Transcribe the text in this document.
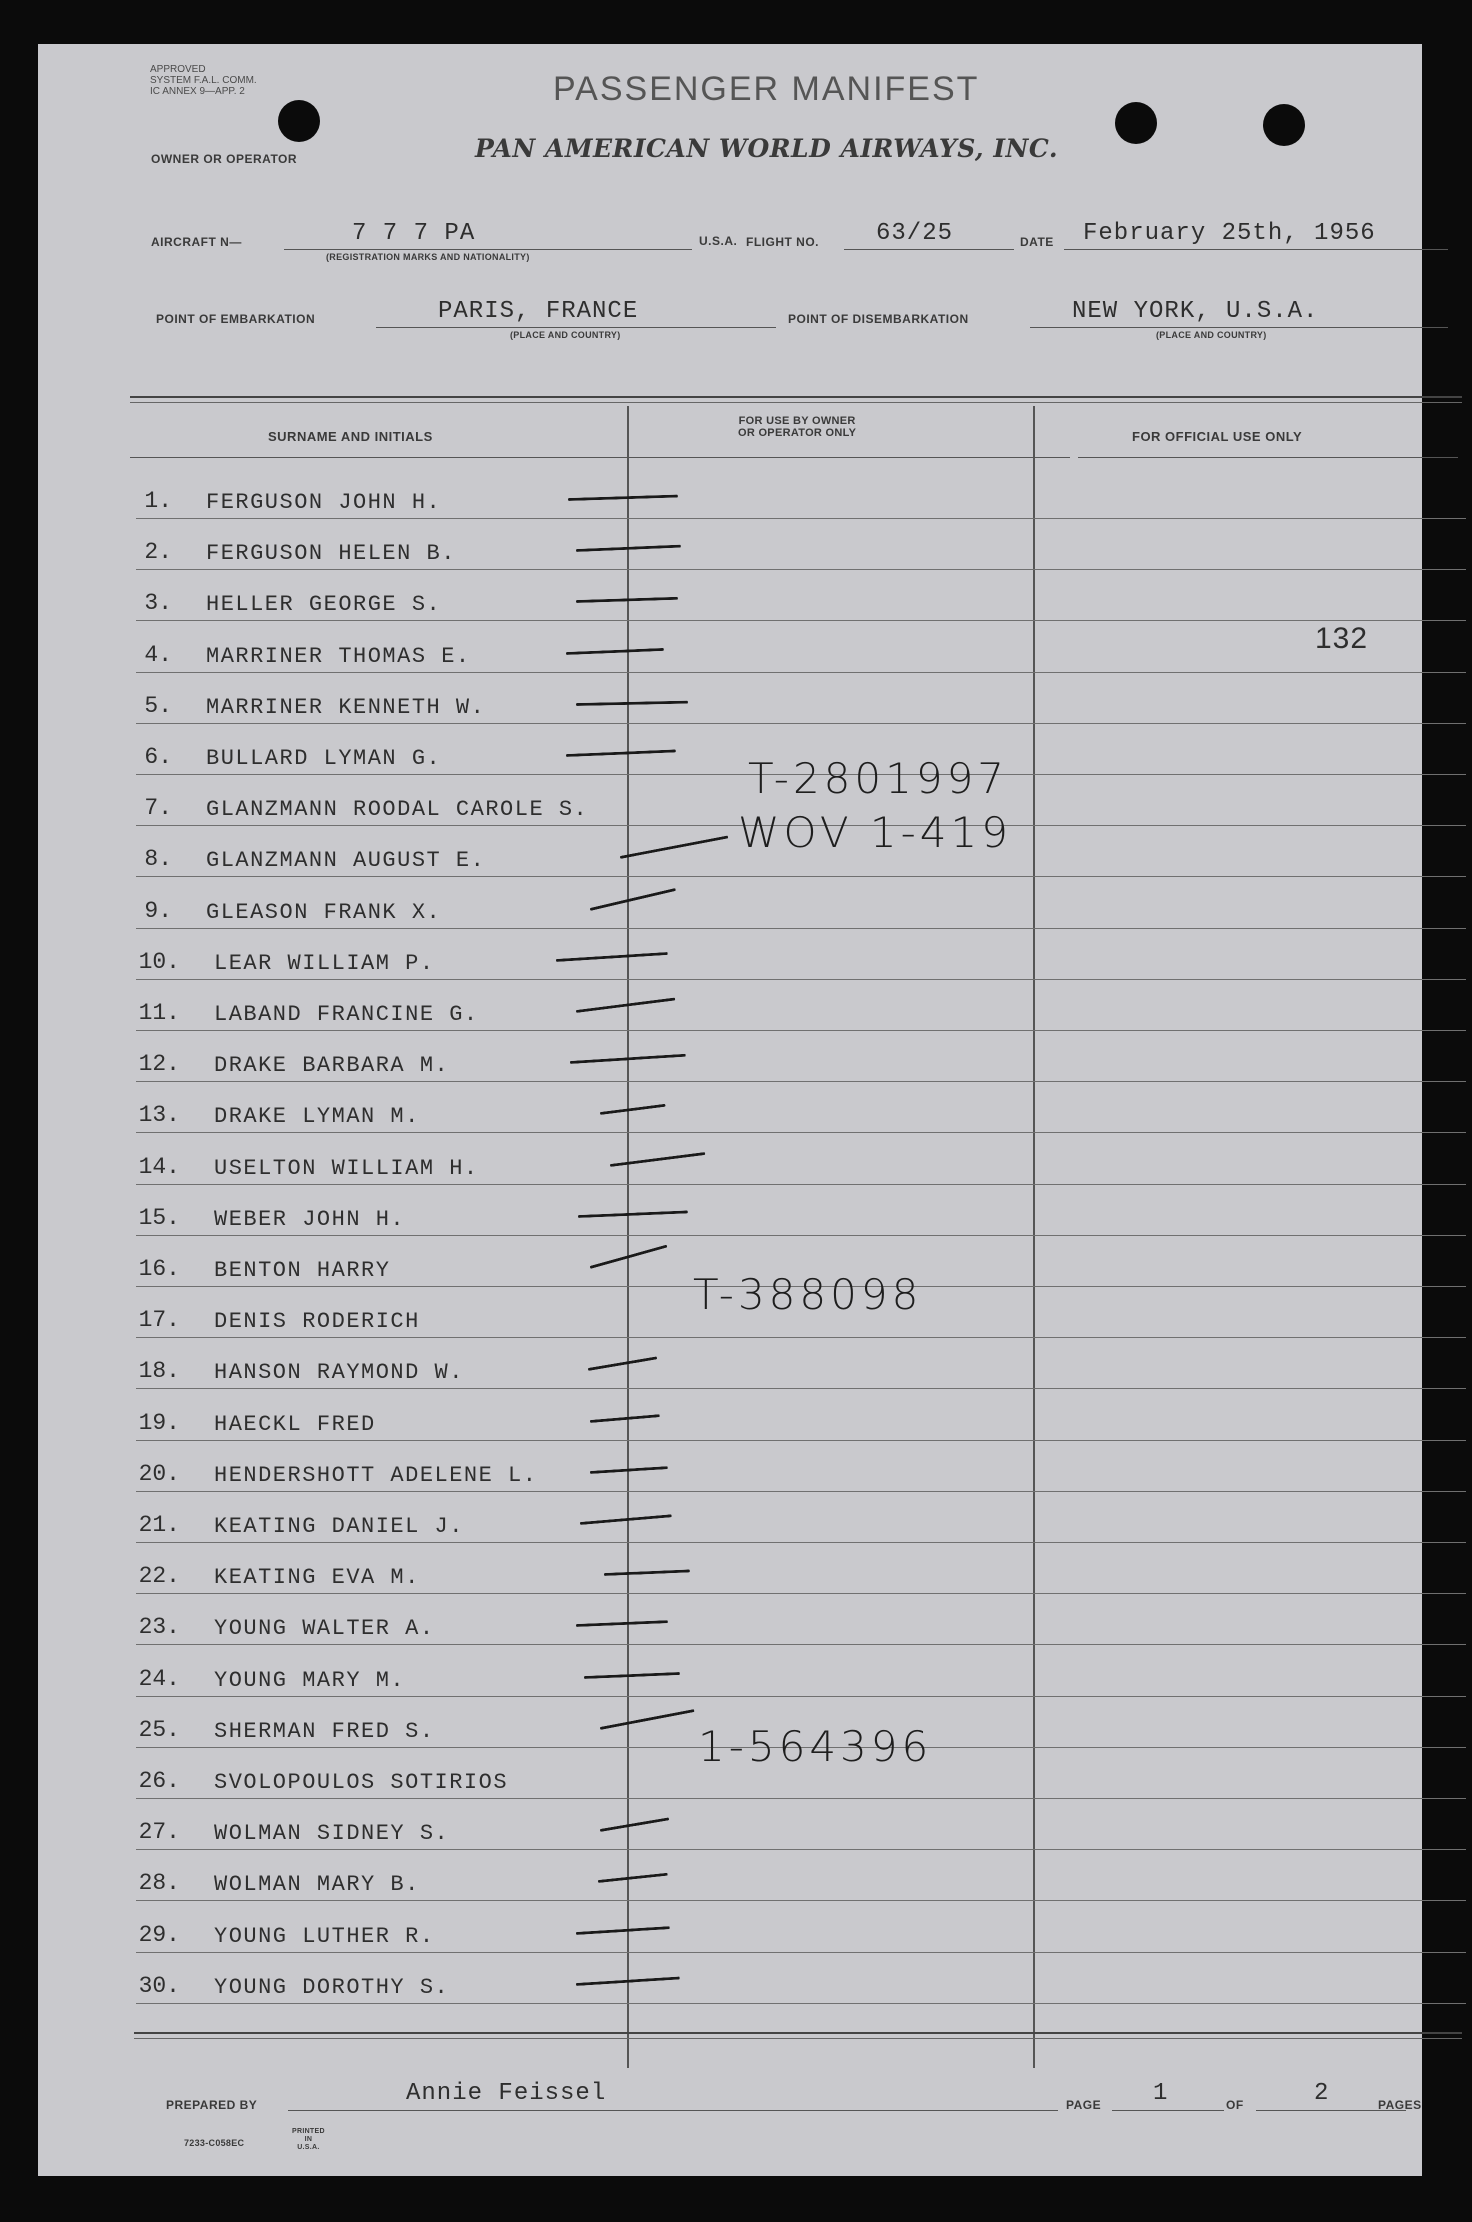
APPROVED
SYSTEM F.A.L. COMM.
IC ANNEX 9—APP. 2	PASSENGER MANIFEST
OWNER OR OPERATOR	PAN AMERICAN WORLD AIRWAYS, INC.
AIRCRAFT N—	7 7 7 PA
(REGISTRATION MARKS AND NATIONALITY)
U.S.A. FLIGHT NO. 63/25	DATE February 25th, 1956
POINT OF EMBARKATION	PARIS, FRANCE
(PLACE AND COUNTRY)
POINT OF DISEMBARKATION	NEW YORK, U.S.A.
(PLACE AND COUNTRY)
SURNAME AND INITIALS
FOR USE BY OWNER
OR OPERATOR ONLY	FOR OFFICIAL USE ONLY
1. FERGUSON JOHN H.
2. FERGUSON HELEN B.
3. HELLER GEORGE S.
4. MARRINER THOMAS E.
5. MARRINER KENNETH W.
6. BULLARD LYMAN G.
7. GLANZMANN ROODAL CAROLE S.
8. GLANZMANN AUGUST E.
9. GLEASON FRANK X.
10. LEAR WILLIAM P.
11. LABAND FRANCINE G.
12. DRAKE BARBARA M.
13. DRAKE LYMAN M.
14. USELTON WILLIAM H.
15. WEBER JOHN H.
16. BENTON HARRY
17. DENIS RODERICH
18. HANSON RAYMOND W.
19. HAECKL FRED
20. HENDERSHOTT ADELENE L.
21. KEATING DANIEL J.
22. KEATING EVA M.
23. YOUNG WALTER A.
24. YOUNG MARY M.
25. SHERMAN FRED S.
26. SVOLOPOULOS SOTIRIOS
27. WOLMAN SIDNEY S.
28. WOLMAN MARY B.
29. YOUNG LUTHER R.
30. YOUNG DOROTHY S.
T-2801997
WOV 1-419
T-388098
1-564396
132
PREPARED BY	Annie Feissel	PAGE 1	OF	2	PAGES
7233-C058EC
PRINTED
IN
U.S.A.
